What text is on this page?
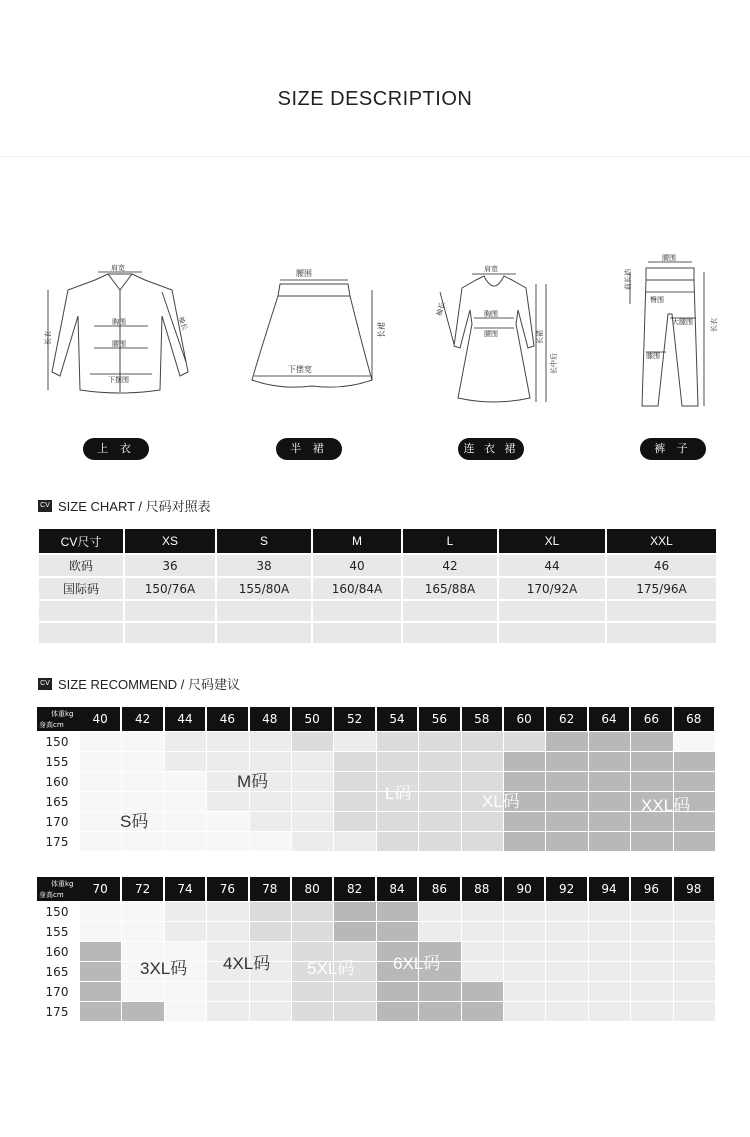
SIZE DESCRIPTION
肩宽
长衣
袖长
胸围
腰围
下摆围
腰围
长裙
下摆宽
肩宽
袖长	胸围
腰围	长裙
长中后
腰围
前长裆
臀围
大腿围
膝围
长衣
上 衣	半 裙	连 衣 裙	裤 子
CV SIZE CHART / 尺码对照表
CV尺寸	XS	S	M	L	XL	XXL
欧码	36	38	40	42	44	46
国际码	150/76A	155/80A	160/84A	165/88A	170/92A	175/96A

CV SIZE RECOMMEND / 尺码建议
体重kg
身高cm	40	42	44	46	48	50	52	54	56	58	60	62	64	66	68
150
155
160
165
170
175
S码
M码
L码	XL码	XXL码
体重kg
身高cm	70	72	74	76	78	80	82	84	86	88	90	92	94	96	98
150
155
160
165
170
175
3XL码 4XL码 5XL码 6XL码
